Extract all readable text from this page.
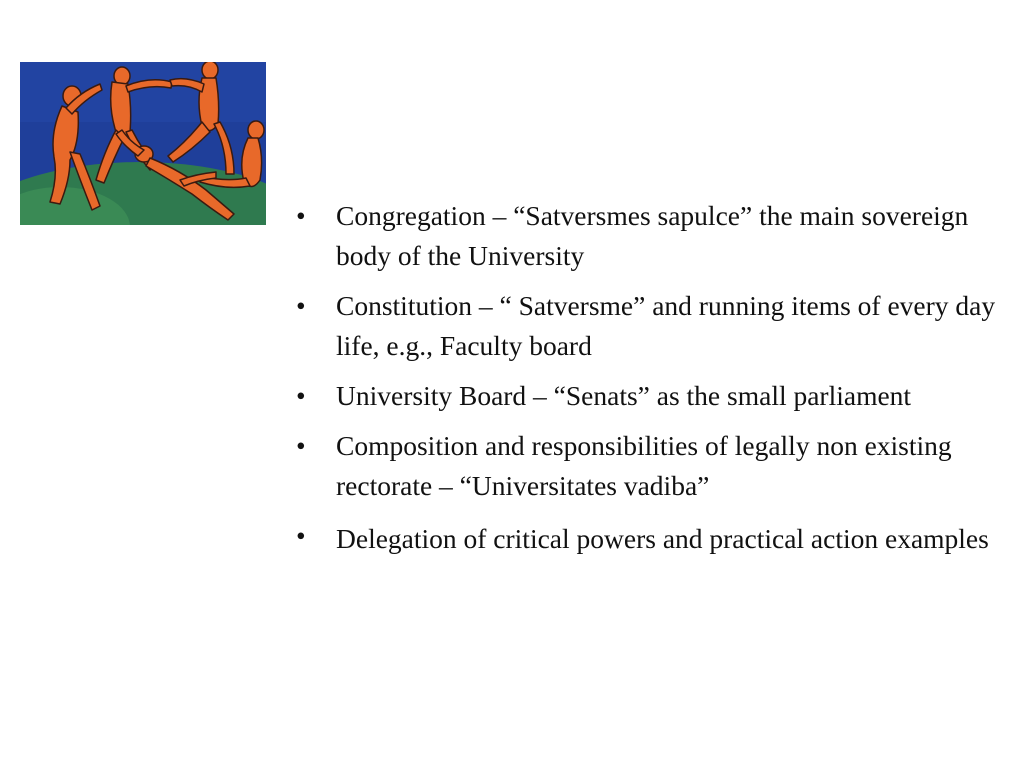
•	Congregation – “Satversmes sapulce” the main sovereign body of the University
•	Constitution – “ Satversme” and running items of every day life, e.g., Faculty board
•	University Board – “Senats” as the small parliament
•	Composition and responsibilities of legally non existing rectorate – “Universitates vadiba”
•	Delegation of critical powers and practical action examples
